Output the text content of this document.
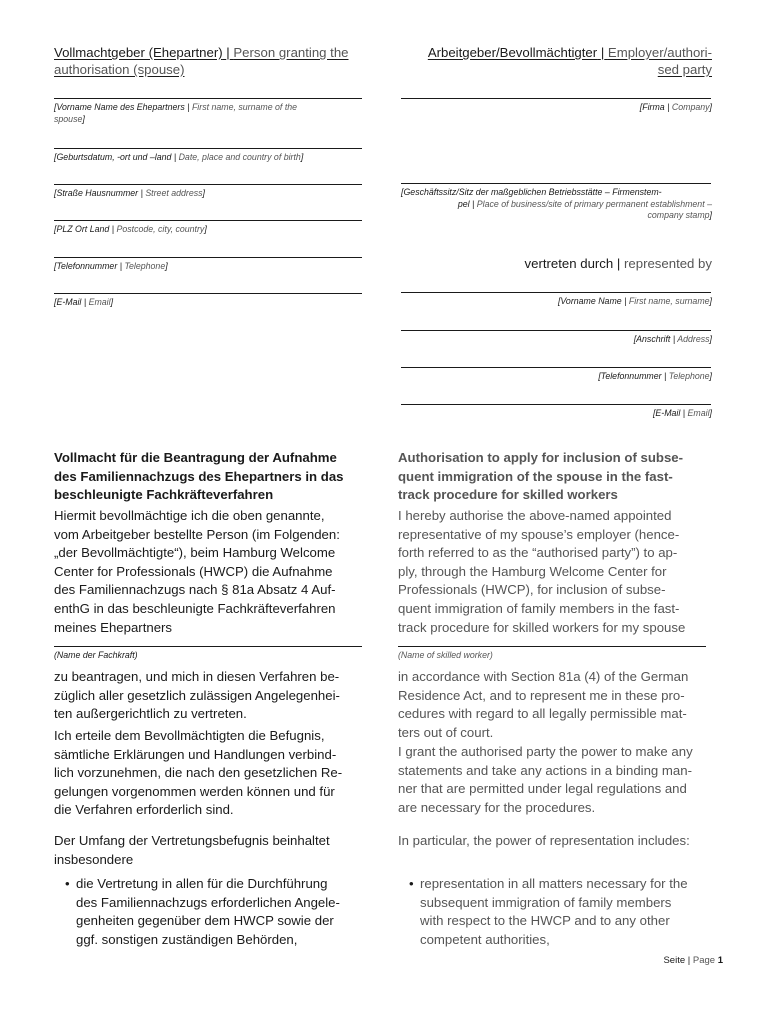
Vollmachtgeber (Ehepartner) | Person granting the authorisation (spouse)
Arbeitgeber/Bevollmächtigter | Employer/authori-
sed party
[Vorname Name des Ehepartners | First name, surname of the
spouse]
[Geburtsdatum, -ort und –land | Date, place and country of birth]
[Straße Hausnummer | Street address]
[PLZ Ort Land | Postcode, city, country]
[Telefonnummer | Telephone]
[E-Mail | Email]
[Firma | Company]
[Geschäftssitz/Sitz der maßgeblichen Betriebsstätte – Firmenstem-
pel | Place of business/site of primary permanent establishment –
company stamp]
vertreten durch | represented by
[Vorname Name | First name, surname]
[Anschrift | Address]
[Telefonnummer | Telephone]
[E-Mail | Email]
Vollmacht für die Beantragung der Aufnahme
des Familiennachzugs des Ehepartners in das
beschleunigte Fachkräfteverfahren
Authorisation to apply for inclusion of subse-
quent immigration of the spouse in the fast-
track procedure for skilled workers
Hiermit bevollmächtige ich die oben genannte,
vom Arbeitgeber bestellte Person (im Folgenden:
„der Bevollmächtigte“), beim Hamburg Welcome
Center for Professionals (HWCP) die Aufnahme
des Familiennachzugs nach § 81a Absatz 4 Auf-
enthG in das beschleunigte Fachkräfteverfahren
meines Ehepartners
I hereby authorise the above-named appointed
representative of my spouse’s employer (hence-
forth referred to as the “authorised party”) to ap-
ply, through the Hamburg Welcome Center for
Professionals (HWCP), for inclusion of subse-
quent immigration of family members in the fast-
track procedure for skilled workers for my spouse
(Name der Fachkraft)	(Name of skilled worker)
zu beantragen, und mich in diesen Verfahren be-
züglich aller gesetzlich zulässigen Angelegenhei-
ten außergerichtlich zu vertreten.
in accordance with Section 81a (4) of the German
Residence Act, and to represent me in these pro-
cedures with regard to all legally permissible mat-
ters out of court.
Ich erteile dem Bevollmächtigten die Befugnis,
sämtliche Erklärungen und Handlungen verbind-
lich vorzunehmen, die nach den gesetzlichen Re-
gelungen vorgenommen werden können und für
die Verfahren erforderlich sind.
I grant the authorised party the power to make any
statements and take any actions in a binding man-
ner that are permitted under legal regulations and
are necessary for the procedures.
Der Umfang der Vertretungsbefugnis beinhaltet
insbesondere
In particular, the power of representation includes:
• die Vertretung in allen für die Durchführung
des Familiennachzugs erforderlichen Angele-
genheiten gegenüber dem HWCP sowie der
ggf. sonstigen zuständigen Behörden,
• representation in all matters necessary for the
subsequent immigration of family members
with respect to the HWCP and to any other
competent authorities,
Seite | Page 1
